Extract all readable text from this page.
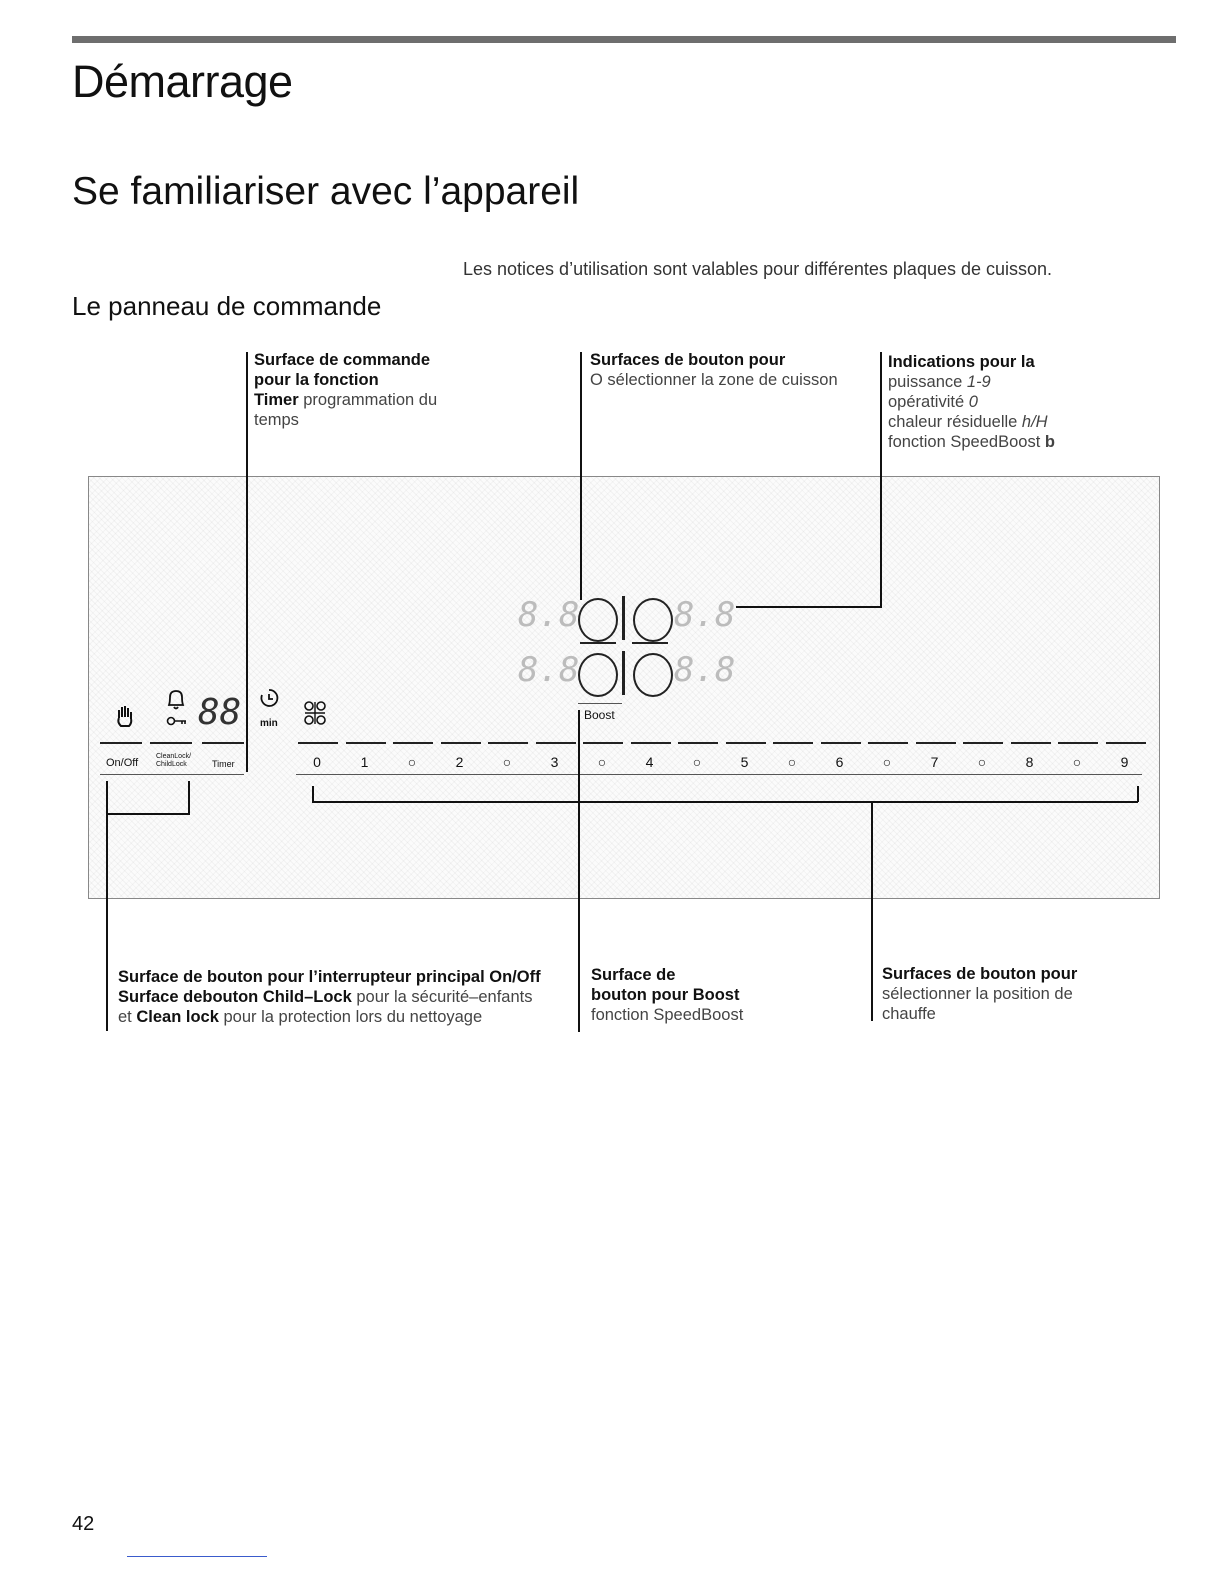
Démarrage
Se familiariser avec l’appareil
Les notices d’utilisation sont valables pour différentes plaques de cuisson.
Le panneau de commande
Surface de commande
pour la fonction
Timer programmation du
temps
Surfaces de bouton pour
O sélectionner la zone de cuisson
Indications pour la
puissance 1-9
opérativité 0
chaleur résiduelle h/H
fonction SpeedBoost b
8.8
8.8
8.8
8.8
88 min
Boost
On/Off
CleanLock/
ChildLock	Timer	0	1	○	2	○	3	○	4	○	5	○	6	○	7	○	8	○	9
Surface de bouton pour l’interrupteur principal On/Off
Surface debouton Child–Lock pour la sécurité–enfants
et Clean lock pour la protection lors du nettoyage
Surface de
bouton pour Boost
fonction SpeedBoost
Surfaces de bouton pour
sélectionner la position de
chauffe
42
